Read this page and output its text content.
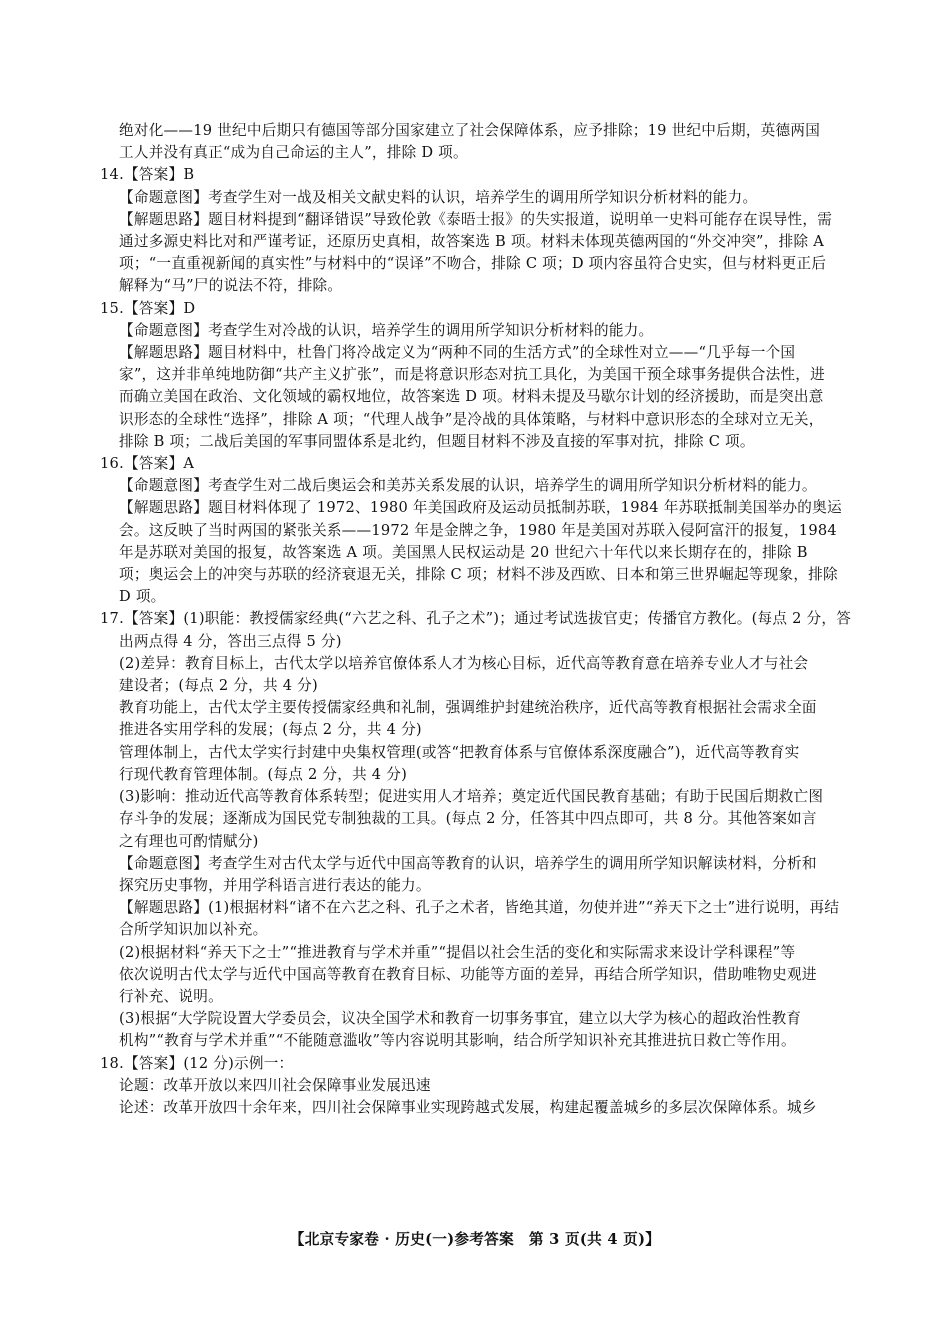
绝对化——19 世纪中后期只有德国等部分国家建立了社会保障体系，应予排除；19 世纪中后期，英德两国

工人并没有真正“成为自己命运的主人”，排除 D 项。

14.【答案】B

【命题意图】考查学生对一战及相关文献史料的认识，培养学生的调用所学知识分析材料的能力。

【解题思路】题目材料提到“翻译错误”导致伦敦《泰晤士报》的失实报道，说明单一史料可能存在误导性，需

通过多源史料比对和严谨考证，还原历史真相，故答案选 B 项。材料未体现英德两国的“外交冲突”，排除 A

项；“一直重视新闻的真实性”与材料中的“误译”不吻合，排除 C 项；D 项内容虽符合史实，但与材料更正后

解释为“马”尸的说法不符，排除。

15.【答案】D

【命题意图】考查学生对冷战的认识，培养学生的调用所学知识分析材料的能力。

【解题思路】题目材料中，杜鲁门将冷战定义为“两种不同的生活方式”的全球性对立——“几乎每一个国

家”，这并非单纯地防御“共产主义扩张”，而是将意识形态对抗工具化，为美国干预全球事务提供合法性，进

而确立美国在政治、文化领域的霸权地位，故答案选 D 项。材料未提及马歇尔计划的经济援助，而是突出意

识形态的全球性“选择”，排除 A 项；“代理人战争”是冷战的具体策略，与材料中意识形态的全球对立无关，

排除 B 项；二战后美国的军事同盟体系是北约，但题目材料不涉及直接的军事对抗，排除 C 项。

16.【答案】A

【命题意图】考查学生对二战后奥运会和美苏关系发展的认识，培养学生的调用所学知识分析材料的能力。

【解题思路】题目材料体现了 1972、1980 年美国政府及运动员抵制苏联，1984 年苏联抵制美国举办的奥运

会。这反映了当时两国的紧张关系——1972 年是金牌之争，1980 年是美国对苏联入侵阿富汗的报复，1984

年是苏联对美国的报复，故答案选 A 项。美国黑人民权运动是 20 世纪六十年代以来长期存在的，排除 B

项；奥运会上的冲突与苏联的经济衰退无关，排除 C 项；材料不涉及西欧、日本和第三世界崛起等现象，排除

D 项。

17.【答案】(1)职能：教授儒家经典(“六艺之科、孔子之术”)；通过考试选拔官吏；传播官方教化。(每点 2 分，答

出两点得 4 分，答出三点得 5 分)

(2)差异：教育目标上，古代太学以培养官僚体系人才为核心目标，近代高等教育意在培养专业人才与社会

建设者；(每点 2 分，共 4 分)

教育功能上，古代太学主要传授儒家经典和礼制，强调维护封建统治秩序，近代高等教育根据社会需求全面

推进各实用学科的发展；(每点 2 分，共 4 分)

管理体制上，古代太学实行封建中央集权管理(或答“把教育体系与官僚体系深度融合”)，近代高等教育实

行现代教育管理体制。(每点 2 分，共 4 分)

(3)影响：推动近代高等教育体系转型；促进实用人才培养；奠定近代国民教育基础；有助于民国后期救亡图

存斗争的发展；逐渐成为国民党专制独裁的工具。(每点 2 分，任答其中四点即可，共 8 分。其他答案如言

之有理也可酌情赋分)

【命题意图】考查学生对古代太学与近代中国高等教育的认识，培养学生的调用所学知识解读材料，分析和

探究历史事物，并用学科语言进行表达的能力。

【解题思路】(1)根据材料“诸不在六艺之科、孔子之术者，皆绝其道，勿使并进”“养天下之士”进行说明，再结

合所学知识加以补充。

(2)根据材料“养天下之士”“推进教育与学术并重”“提倡以社会生活的变化和实际需求来设计学科课程”等

依次说明古代太学与近代中国高等教育在教育目标、功能等方面的差异，再结合所学知识，借助唯物史观进

行补充、说明。

(3)根据“大学院设置大学委员会，议决全国学术和教育一切事务事宜，建立以大学为核心的超政治性教育

机构”“教育与学术并重”“不能随意滥收”等内容说明其影响，结合所学知识补充其推进抗日救亡等作用。

18.【答案】(12 分)示例一：

论题：改革开放以来四川社会保障事业发展迅速

论述：改革开放四十余年来，四川社会保障事业实现跨越式发展，构建起覆盖城乡的多层次保障体系。城乡

【北京专家卷 · 历史(一)参考答案　第 3 页(共 4 页)】
